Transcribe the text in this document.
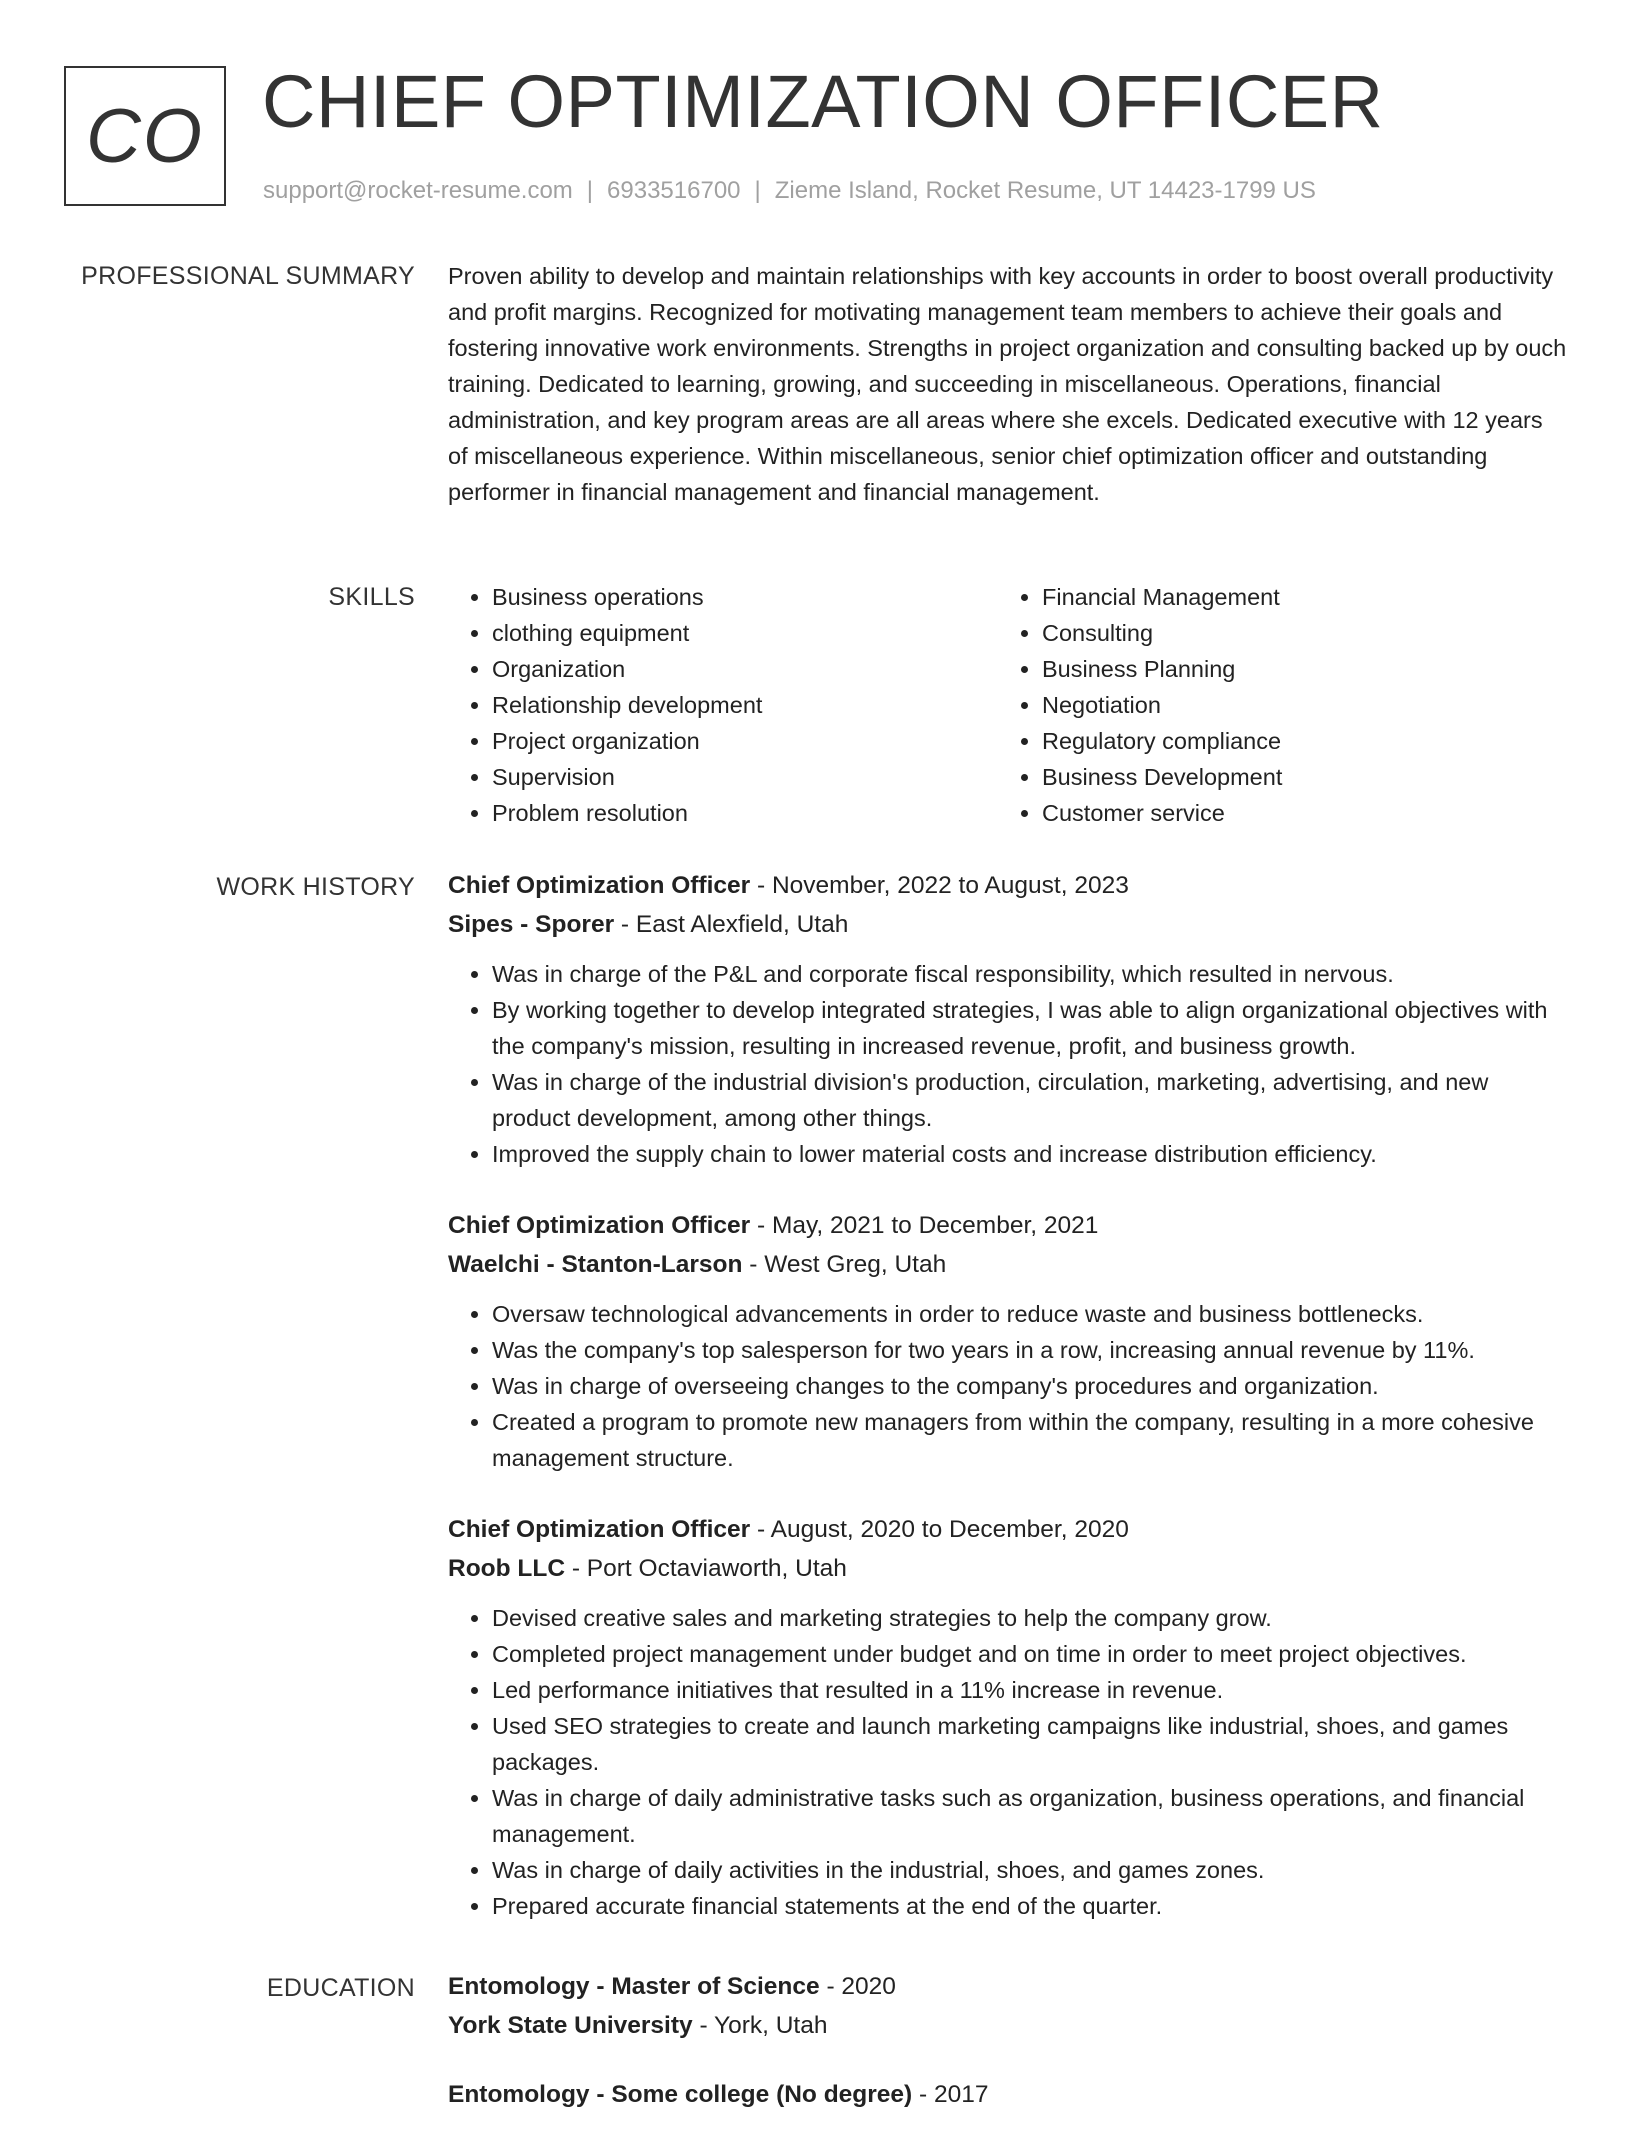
CO CHIEF OPTIMIZATION OFFICER
support@rocket-resume.com | 6933516700 | Zieme Island, Rocket Resume, UT 14423-1799 US
PROFESSIONAL SUMMARY Proven ability to develop and maintain relationships with key accounts in order to boost overall productivity and profit margins. Recognized for motivating management team members to achieve their goals and fostering innovative work environments. Strengths in project organization and consulting backed up by ouch training. Dedicated to learning, growing, and succeeding in miscellaneous. Operations, financial administration, and key program areas are all areas where she excels. Dedicated executive with 12 years of miscellaneous experience. Within miscellaneous, senior chief optimization officer and outstanding performer in financial management and financial management.

SKILLS
•	Business operations
• clothing equipment
• Organization
• Relationship development
• Project organization
• Supervision
• Problem resolution
• Financial Management
• Consulting
• Business Planning
• Negotiation
• Regulatory compliance
• Business Development
• Customer service
WORK HISTORY Chief Optimization Officer - November, 2022 to August, 2023
Sipes - Sporer - East Alexfield, Utah
• Was in charge of the P&L and corporate fiscal responsibility, which resulted in nervous.
• By working together to develop integrated strategies, I was able to align organizational objectives with the company's mission, resulting in increased revenue, profit, and business growth.
• Was in charge of the industrial division's production, circulation, marketing, advertising, and new product development, among other things.
• Improved the supply chain to lower material costs and increase distribution efficiency.
Chief Optimization Officer - May, 2021 to December, 2021
Waelchi - Stanton-Larson - West Greg, Utah
• Oversaw technological advancements in order to reduce waste and business bottlenecks.
• Was the company's top salesperson for two years in a row, increasing annual revenue by 11%.
• Was in charge of overseeing changes to the company's procedures and organization.
• Created a program to promote new managers from within the company, resulting in a more cohesive management structure.
Chief Optimization Officer - August, 2020 to December, 2020
Roob LLC - Port Octaviaworth, Utah
• Devised creative sales and marketing strategies to help the company grow.
• Completed project management under budget and on time in order to meet project objectives.
• Led performance initiatives that resulted in a 11% increase in revenue.
• Used SEO strategies to create and launch marketing campaigns like industrial, shoes, and games packages.
• Was in charge of daily administrative tasks such as organization, business operations, and financial management.
• Was in charge of daily activities in the industrial, shoes, and games zones.
• Prepared accurate financial statements at the end of the quarter.
EDUCATION Entomology - Master of Science - 2020
York State University - York, Utah
Entomology - Some college (No degree) - 2017
